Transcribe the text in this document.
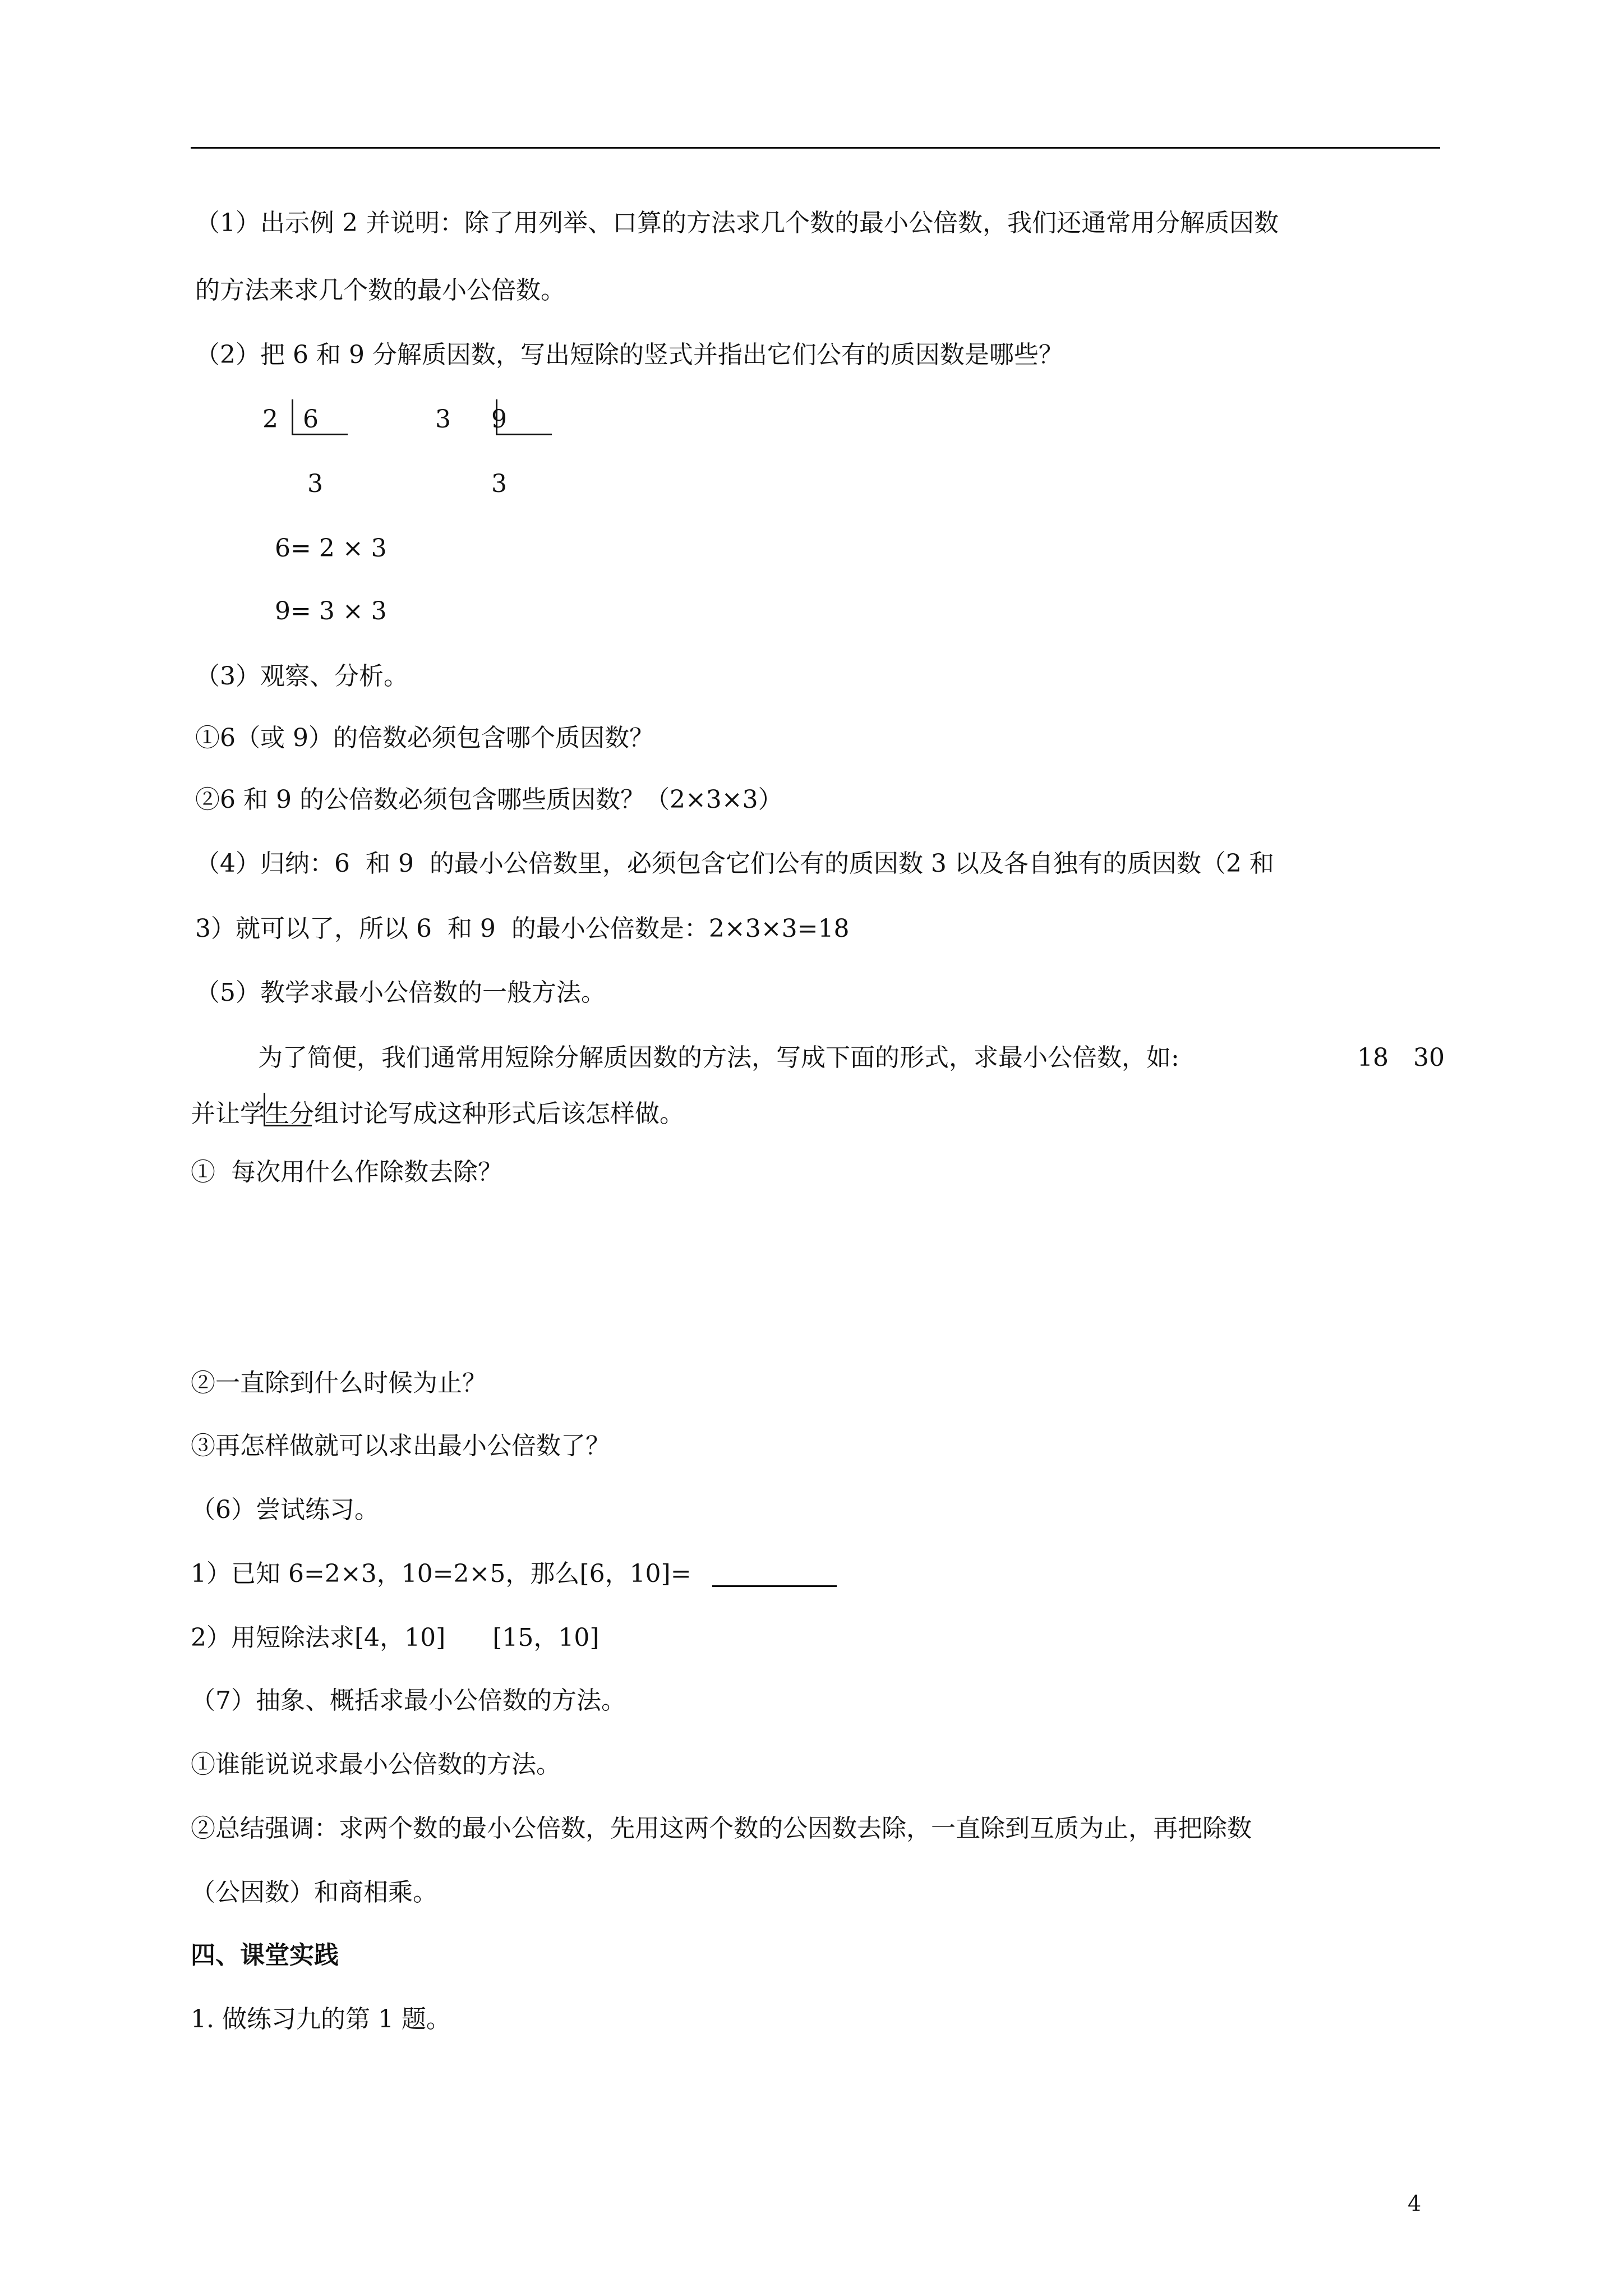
（1）出示例 2 并说明：除了用列举、口算的方法求几个数的最小公倍数，我们还通常用分解质因数
的方法来求几个数的最小公倍数。
（2）把 6 和 9 分解质因数，写出短除的竖式并指出它们公有的质因数是哪些？
2 6
3
3 9
3
6= 2 × 3
9= 3 × 3
（3）观察、分析。
①6（或 9）的倍数必须包含哪个质因数？
②6 和 9 的公倍数必须包含哪些质因数？（2×3×3）
（4）归纳：6  和 9  的最小公倍数里，必须包含它们公有的质因数 3 以及各自独有的质因数（2 和
3）就可以了，所以 6  和 9  的最小公倍数是：2×3×3=18
（5）教学求最小公倍数的一般方法。
为了简便，我们通常用短除分解质因数的方法，写成下面的形式，求最小公倍数，如:	18 30
并让学生分组讨论写成这种形式后该怎样做。
①  每次用什么作除数去除？
②一直除到什么时候为止？
③再怎样做就可以求出最小公倍数了？
（6）尝试练习。
1）已知 6=2×3，10=2×5，那么[6，10]=
2）用短除法求[4，10]      [15，10]
（7）抽象、概括求最小公倍数的方法。
①谁能说说求最小公倍数的方法。
②总结强调：求两个数的最小公倍数，先用这两个数的公因数去除，一直除到互质为止，再把除数
（公因数）和商相乘。
四、课堂实践
1. 做练习九的第 1 题。
4
